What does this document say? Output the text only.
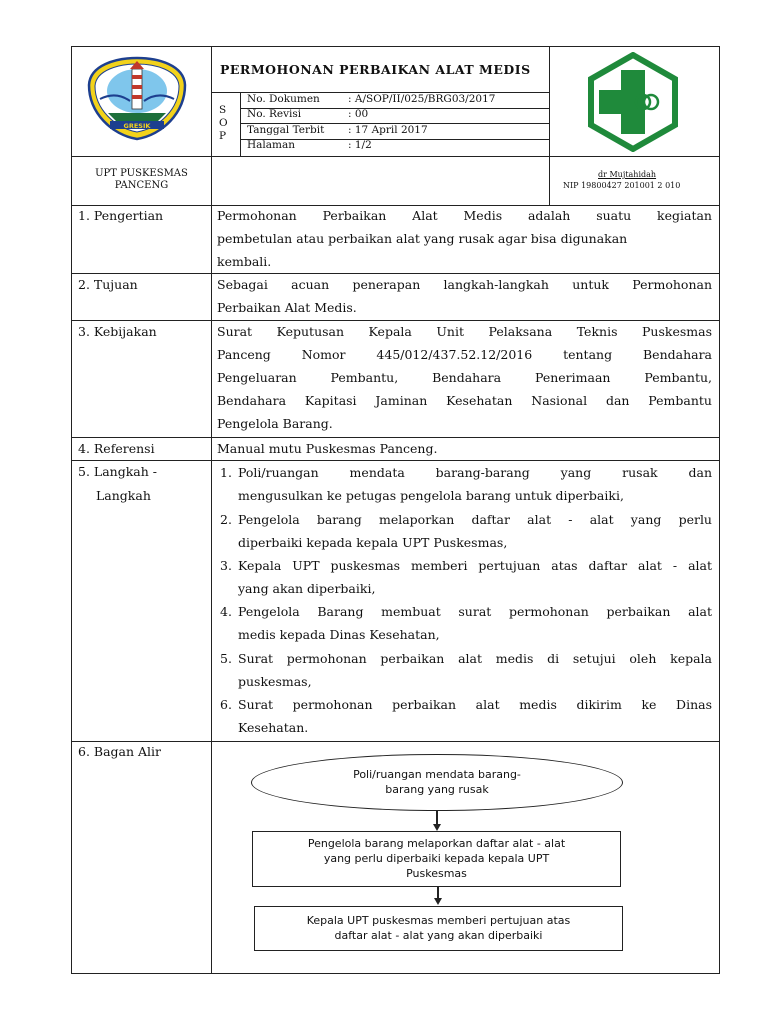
GRESIK
PERMOHONAN PERBAIKAN ALAT MEDIS
S
O
P
No. Dokumen	: A/SOP/II/025/BRG03/2017
No. Revisi	: 00
Tanggal Terbit : 17 April 2017
Halaman	: 1/2
UPT PUSKESMAS
PANCENG
dr Mujtahidah
NIP 19800427 201001 2 010
1. Pengertian	Permohonan Perbaikan Alat Medis adalah suatu kegiatan
pembetulan atau perbaikan alat yang rusak agar bisa digunakan
kembali.
2. Tujuan	Sebagai acuan penerapan langkah-langkah untuk Permohonan
Perbaikan Alat Medis.
3. Kebijakan	Surat Keputusan Kepala Unit Pelaksana Teknis Puskesmas
Panceng Nomor 445/012/437.52.12/2016 tentang Bendahara
Pengeluaran Pembantu, Bendahara Penerimaan Pembantu,
Bendahara Kapitasi Jaminan Kesehatan Nasional dan Pembantu
Pengelola Barang.
4. Referensi	Manual mutu Puskesmas Panceng.
5. Langkah -
Langkah
1. Poli/ruangan mendata barang-barang yang rusak dan
mengusulkan ke petugas pengelola barang untuk diperbaiki,
2. Pengelola barang melaporkan daftar alat - alat yang perlu
diperbaiki kepada kepala UPT Puskesmas,
3. Kepala UPT puskesmas memberi pertujuan atas daftar alat - alat
yang akan diperbaiki,
4. Pengelola Barang membuat surat permohonan perbaikan alat
medis kepada Dinas Kesehatan,
5. Surat permohonan perbaikan alat medis di setujui oleh kepala
puskesmas,
6. Surat permohonan perbaikan alat medis dikirim ke Dinas
Kesehatan.
6. Bagan Alir
Poli/ruangan mendata barang-
barang yang rusak
Pengelola barang melaporkan daftar alat - alat
yang perlu diperbaiki kepada kepala UPT
Puskesmas
Kepala UPT puskesmas memberi pertujuan atas
daftar alat - alat yang akan diperbaiki
